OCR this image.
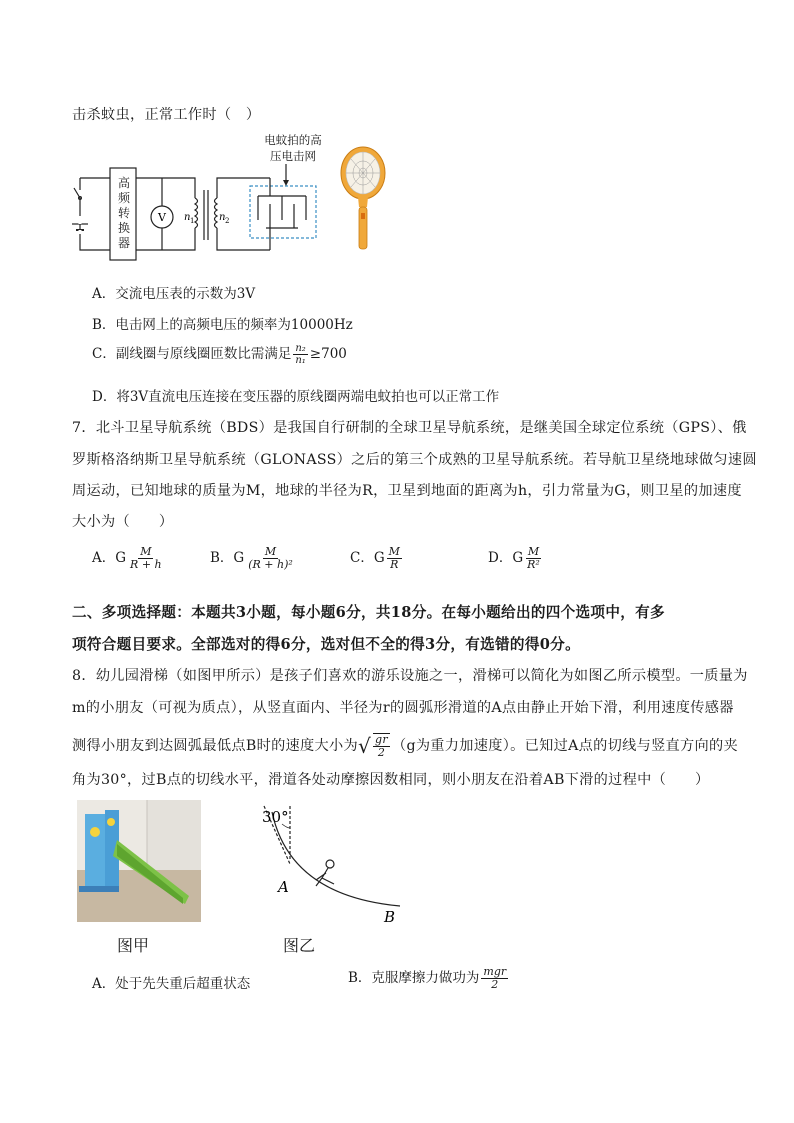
击杀蚊虫，正常工作时（　）
V n 1 n 2
高
频
转
换
器
电蚊拍的高
压电击网
A．交流电压表的示数为3V
B．电击网上的高频电压的频率为10000Hz
C．副线圈与原线圈匝数比需满足 $\frac{\text{n₂}}{\text{n₁}} \ge 700$
D．将3V直流电压连接在变压器的原线圈两端电蚊拍也可以正常工作
7．北斗卫星导航系统（BDS）是我国自行研制的全球卫星导航系统，是继美国全球定位系统（GPS）、俄
罗斯格洛纳斯卫星导航系统（GLONASS）之后的第三个成熟的卫星导航系统。若导航卫星绕地球做匀速圆
周运动，已知地球的质量为M，地球的半径为R，卫星到地面的距离为h，引力常量为G，则卫星的加速度
大小为（　　）
A．G $\frac{M}{R + h}$	B．G $\frac{M}{\text{(R + h)²}}$	C．G $\frac{M}{R}$	D．G $\frac{M}{\text{R²}}$
二、多项选择题：本题共3小题，每小题6分，共18分。在每小题给出的四个选项中，有多
项符合题目要求。全部选对的得6分，选对但不全的得3分，有选错的得0分。
8．幼儿园滑梯（如图甲所示）是孩子们喜欢的游乐设施之一，滑梯可以简化为如图乙所示模型。一质量为
m的小朋友（可视为质点），从竖直面内、半径为r的圆弧形滑道的A点由静止开始下滑，利用速度传感器
测得小朋友到达圆弧最低点B时的速度大小为 √ $\frac{gr}{2} (g$为重力加速度）。已知过A点的切线与竖直方向的夹
角为30°，过B点的切线水平，滑道各处动摩擦因数相同，则小朋友在沿着AB下滑的过程中（　　）
图甲
30°
A
B
图乙
A．处于先失重后超重状态	B．克服摩擦力做功为 $\frac{\text{mgr}}{2}$
